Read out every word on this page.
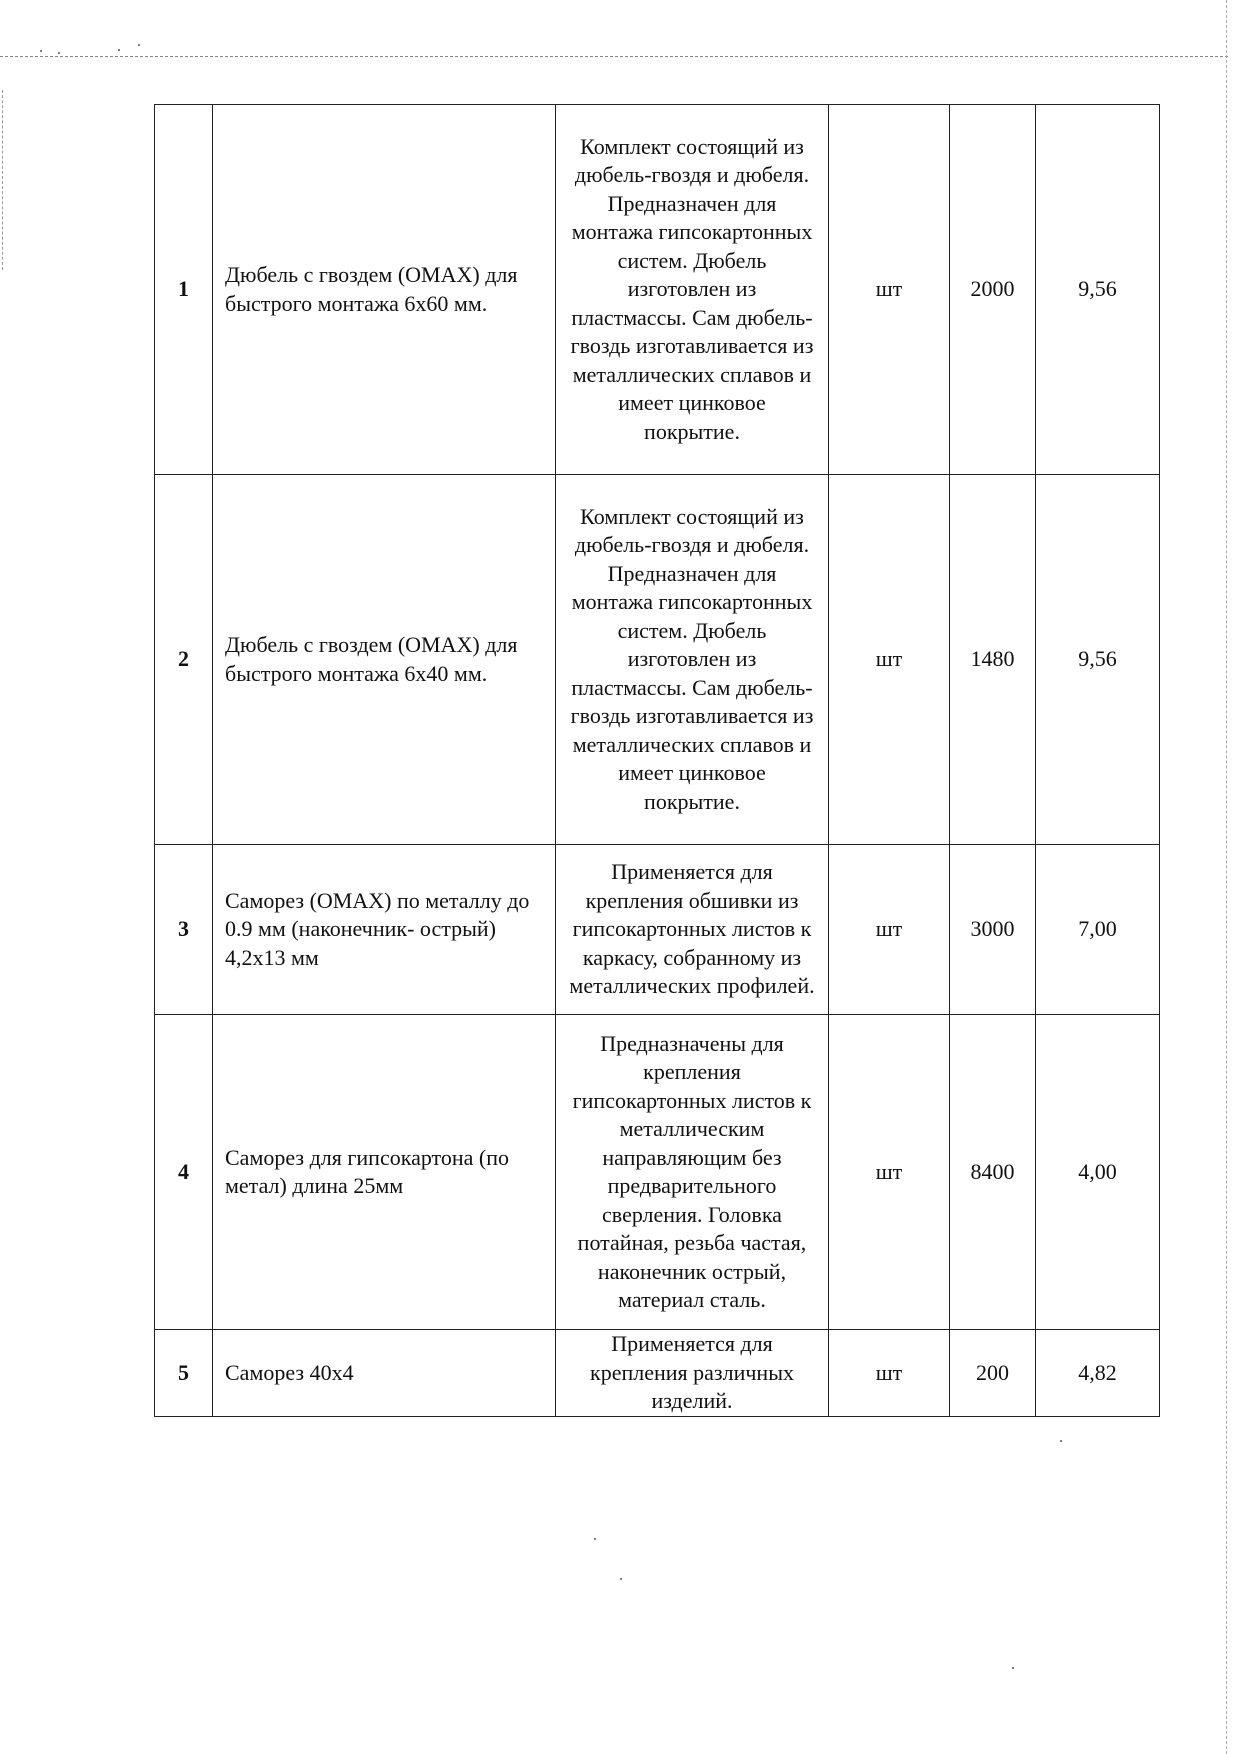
1	Дюбель с гвоздем (ОМАХ) для быстрого монтажа 6х60 мм.	Комплект состоящий из дюбель-гвоздя и дюбеля. Предназначен для монтажа гипсокартонных систем. Дюбель изготовлен из пластмассы. Сам дюбель- гвоздь изготавливается из металлических сплавов и имеет цинковое покрытие.	шт	2000	9,56
2	Дюбель с гвоздем (ОМАХ) для быстрого монтажа 6х40 мм.	Комплект состоящий из дюбель-гвоздя и дюбеля. Предназначен для монтажа гипсокартонных систем. Дюбель изготовлен из пластмассы. Сам дюбель- гвоздь изготавливается из металлических сплавов и имеет цинковое покрытие.	шт	1480	9,56
3	Саморез (ОМАХ) по металлу до 0.9 мм (наконечник- острый) 4,2х13 мм	Применяется для крепления обшивки из гипсокартонных листов к каркасу, собранному из металлических профилей.	шт	3000	7,00
4	Саморез для гипсокартона (по метал) длина 25мм	Предназначены для крепления гипсокартонных листов к металлическим направляющим без предварительного сверления. Головка потайная, резьба частая, наконечник острый, материал сталь.	шт	8400	4,00
5	Саморез 40х4	Применяется для крепления различных изделий.	шт	200	4,82
